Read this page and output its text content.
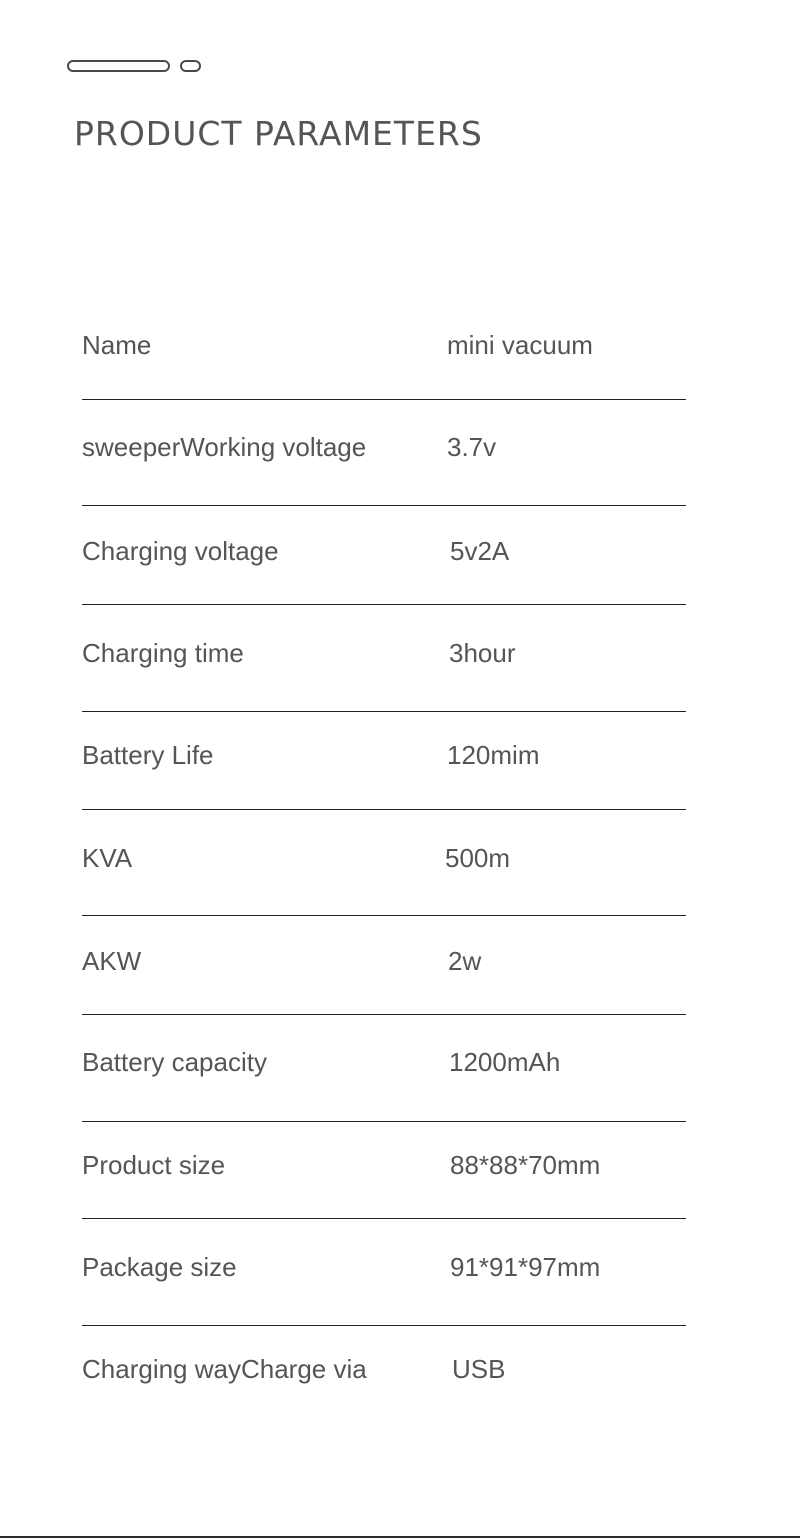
PRODUCT PARAMETERS
Name	mini vacuum
sweeperWorking voltage	3.7v
Charging voltage	5v2A
Charging time	3hour
Battery Life	120mim
KVA	500m
AKW	2w
Battery capacity	1200mAh
Product size	88*88*70mm
Package size	91*91*97mm
Charging wayCharge via	USB
